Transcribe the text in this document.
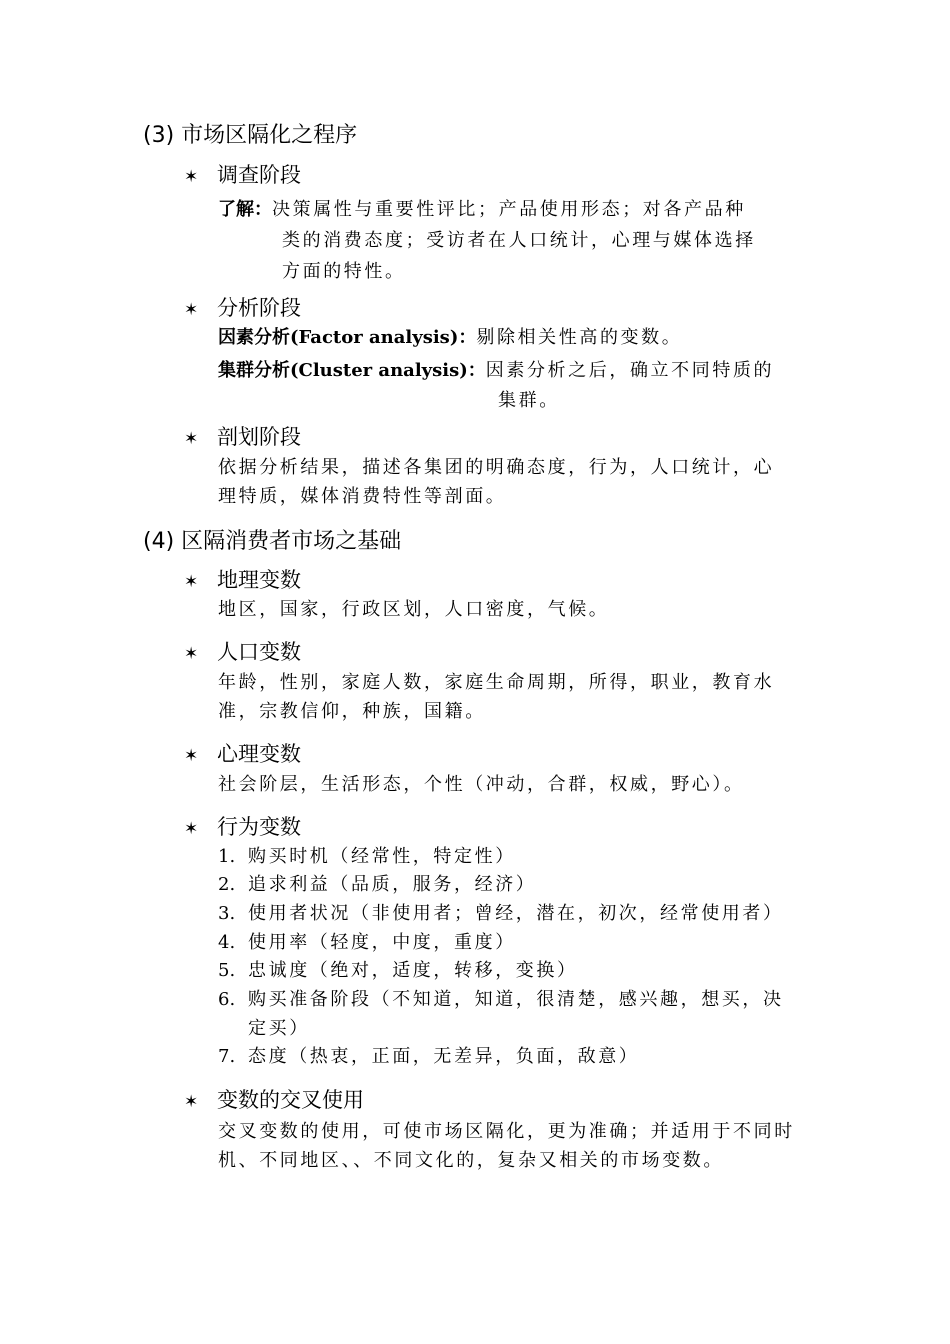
(3) 市场区隔化之程序
✶ 调查阶段
了解：决策属性与重要性评比；产品使用形态；对各产品种
类的消费态度；受访者在人口统计，心理与媒体选择
方面的特性。
✶ 分析阶段
因素分析(Factor analysis)：剔除相关性高的变数。
集群分析(Cluster analysis)：因素分析之后，确立不同特质的
集群。
✶ 剖划阶段
依据分析结果，描述各集团的明确态度，行为，人口统计，心
理特质，媒体消费特性等剖面。
(4) 区隔消费者市场之基础
✶ 地理变数
地区，国家，行政区划，人口密度，气候。
✶ 人口变数
年龄，性别，家庭人数，家庭生命周期，所得，职业，教育水
准，宗教信仰，种族，国籍。
✶ 心理变数
社会阶层，生活形态，个性（冲动，合群，权威，野心）。
✶ 行为变数
1. 购买时机（经常性，特定性）
2. 追求利益（品质，服务，经济）
3. 使用者状况（非使用者；曾经，潜在，初次，经常使用者）
4. 使用率（轻度，中度，重度）
5. 忠诚度（绝对，适度，转移，变换）
6. 购买准备阶段（不知道，知道，很清楚，感兴趣，想买，决
定买）
7. 态度（热衷，正面，无差异，负面，敌意）
✶ 变数的交叉使用
交叉变数的使用，可使市场区隔化，更为准确；并适用于不同时
机、不同地区、、不同文化的，复杂又相关的市场变数。
